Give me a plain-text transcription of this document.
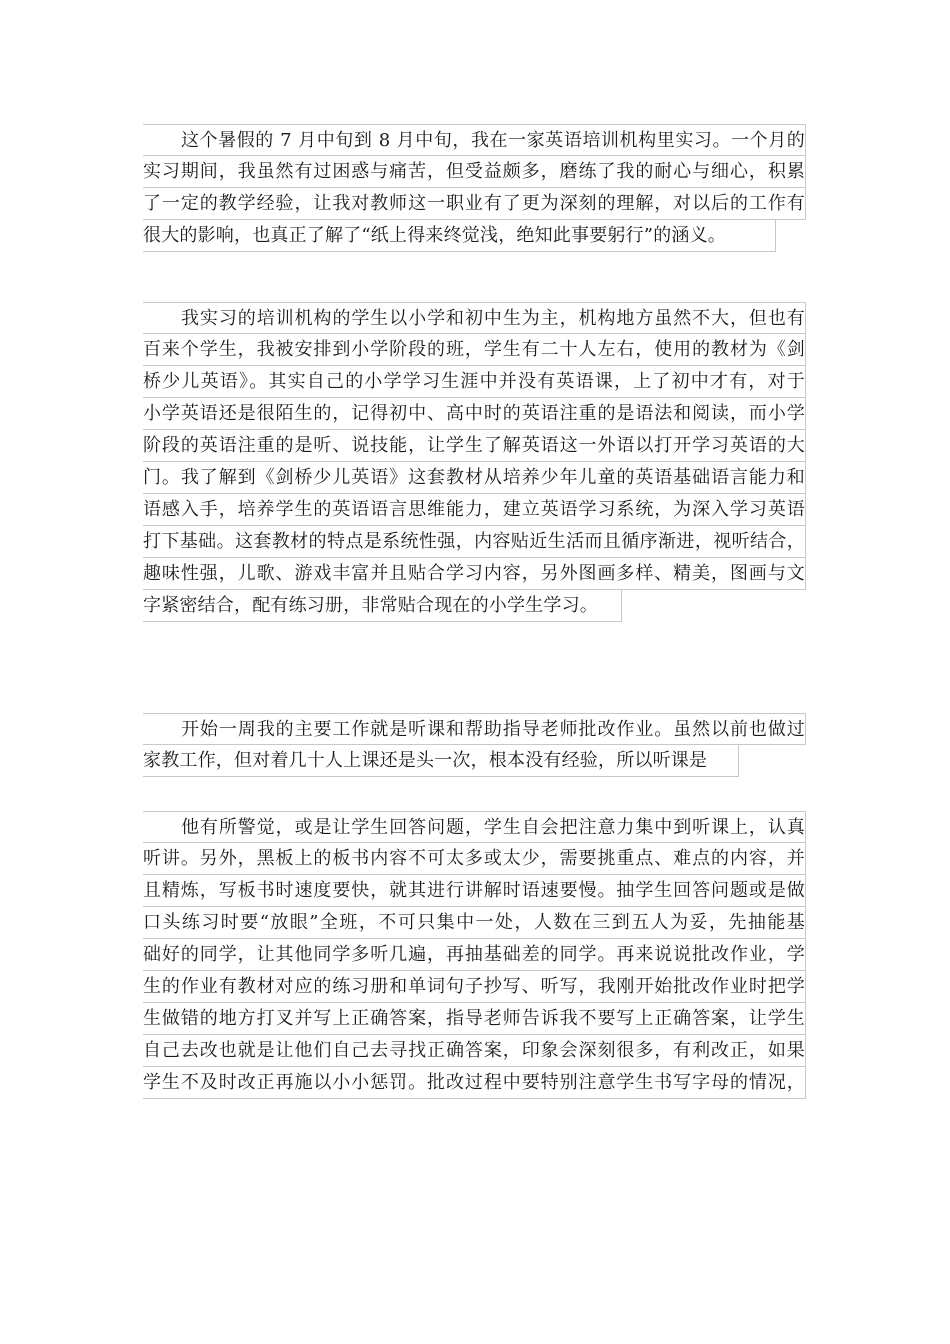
这个暑假的 7 月中旬到 8 月中旬，我在一家英语培训机构里实习。一个月的
实习期间，我虽然有过困惑与痛苦，但受益颇多，磨练了我的耐心与细心，积累
了一定的教学经验，让我对教师这一职业有了更为深刻的理解，对以后的工作有
很大的影响，也真正了解了“纸上得来终觉浅，绝知此事要躬行”的涵义。
我实习的培训机构的学生以小学和初中生为主，机构地方虽然不大，但也有
百来个学生，我被安排到小学阶段的班，学生有二十人左右，使用的教材为《剑
桥少儿英语》。其实自己的小学学习生涯中并没有英语课，上了初中才有，对于
小学英语还是很陌生的，记得初中、高中时的英语注重的是语法和阅读，而小学
阶段的英语注重的是听、说技能，让学生了解英语这一外语以打开学习英语的大
门。我了解到《剑桥少儿英语》这套教材从培养少年儿童的英语基础语言能力和
语感入手，培养学生的英语语言思维能力，建立英语学习系统，为深入学习英语
打下基础。这套教材的特点是系统性强，内容贴近生活而且循序渐进，视听结合，
趣味性强，儿歌、游戏丰富并且贴合学习内容，另外图画多样、精美，图画与文
字紧密结合，配有练习册，非常贴合现在的小学生学习。
开始一周我的主要工作就是听课和帮助指导老师批改作业。虽然以前也做过
家教工作，但对着几十人上课还是头一次，根本没有经验，所以听课是
他有所警觉，或是让学生回答问题，学生自会把注意力集中到听课上，认真
听讲。另外，黑板上的板书内容不可太多或太少，需要挑重点、难点的内容，并
且精炼，写板书时速度要快，就其进行讲解时语速要慢。抽学生回答问题或是做
口头练习时要“放眼”全班，不可只集中一处，人数在三到五人为妥，先抽能基
础好的同学，让其他同学多听几遍，再抽基础差的同学。再来说说批改作业，学
生的作业有教材对应的练习册和单词句子抄写、听写，我刚开始批改作业时把学
生做错的地方打叉并写上正确答案，指导老师告诉我不要写上正确答案，让学生
自己去改也就是让他们自己去寻找正确答案，印象会深刻很多，有利改正，如果
学生不及时改正再施以小小惩罚。批改过程中要特别注意学生书写字母的情况，
